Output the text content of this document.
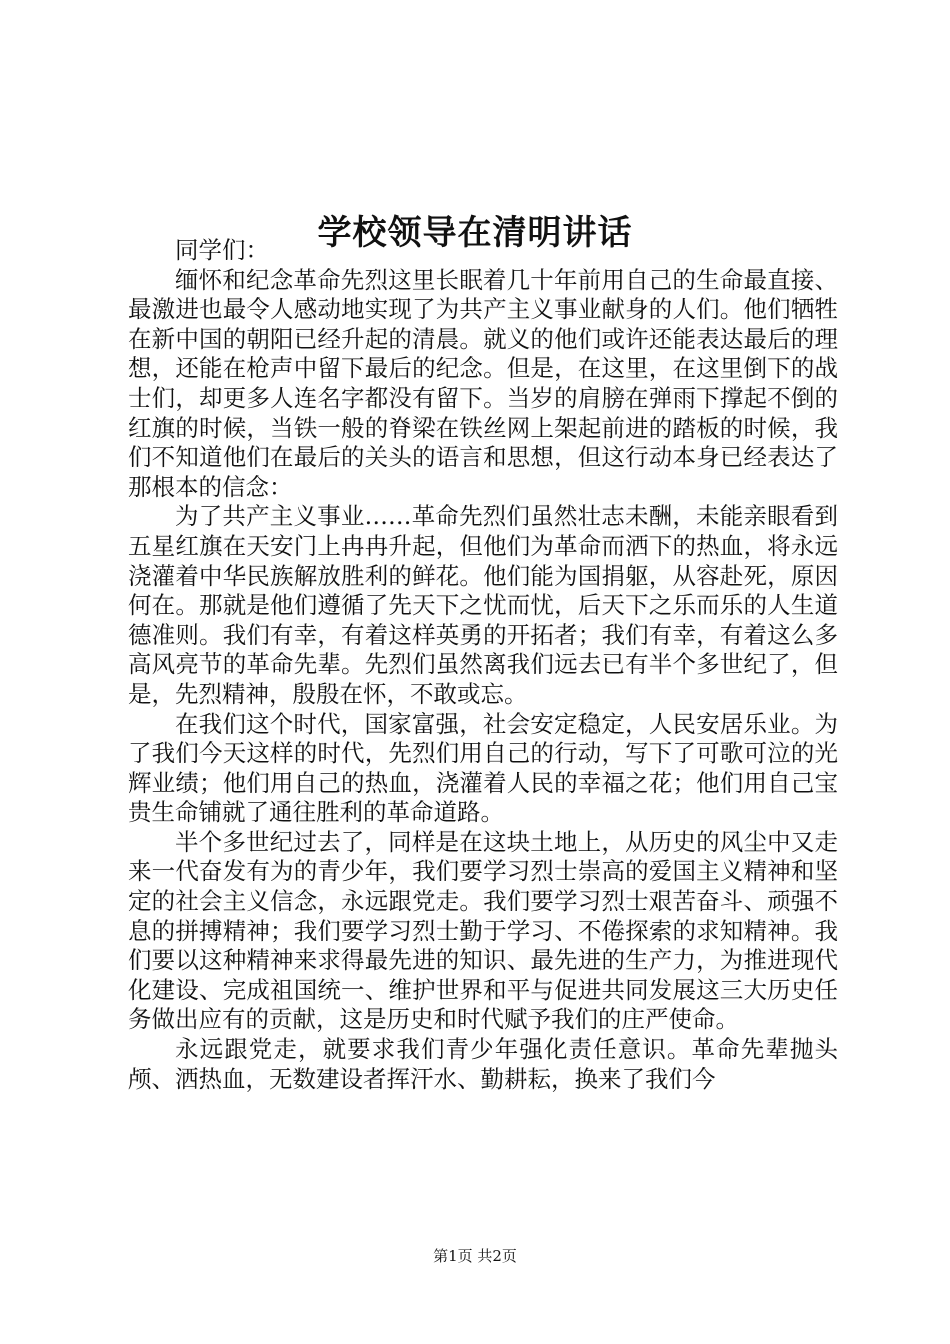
学校领导在清明讲话

同学们：

缅怀和纪念革命先烈这里长眠着几十年前用自己的生命最直接、最激进也最令人感动地实现了为共产主义事业献身的人们。他们牺牲在新中国的朝阳已经升起的清晨。就义的他们或许还能表达最后的理想，还能在枪声中留下最后的纪念。但是，在这里，在这里倒下的战士们，却更多人连名字都没有留下。当岁的肩膀在弹雨下撑起不倒的红旗的时候，当铁一般的脊梁在铁丝网上架起前进的踏板的时候，我们不知道他们在最后的关头的语言和思想，但这行动本身已经表达了那根本的信念：

为了共产主义事业……革命先烈们虽然壮志未酬，未能亲眼看到五星红旗在天安门上冉冉升起，但他们为革命而洒下的热血，将永远浇灌着中华民族解放胜利的鲜花。他们能为国捐躯，从容赴死，原因何在。那就是他们遵循了先天下之忧而忧，后天下之乐而乐的人生道德准则。我们有幸，有着这样英勇的开拓者；我们有幸，有着这么多高风亮节的革命先辈。先烈们虽然离我们远去已有半个多世纪了，但是，先烈精神，殷殷在怀，不敢或忘。

在我们这个时代，国家富强，社会安定稳定，人民安居乐业。为了我们今天这样的时代，先烈们用自己的行动，写下了可歌可泣的光辉业绩；他们用自己的热血，浇灌着人民的幸福之花；他们用自己宝贵生命铺就了通往胜利的革命道路。

半个多世纪过去了，同样是在这块土地上，从历史的风尘中又走来一代奋发有为的青少年，我们要学习烈士崇高的爱国主义精神和坚定的社会主义信念，永远跟党走。我们要学习烈士艰苦奋斗、顽强不息的拼搏精神；我们要学习烈士勤于学习、不倦探索的求知精神。我们要以这种精神来求得最先进的知识、最先进的生产力，为推进现代化建设、完成祖国统一、维护世界和平与促进共同发展这三大历史任务做出应有的贡献，这是历史和时代赋予我们的庄严使命。

永远跟党走，就要求我们青少年强化责任意识。革命先辈抛头颅、洒热血，无数建设者挥汗水、勤耕耘，换来了我们今

第1页 共2页
